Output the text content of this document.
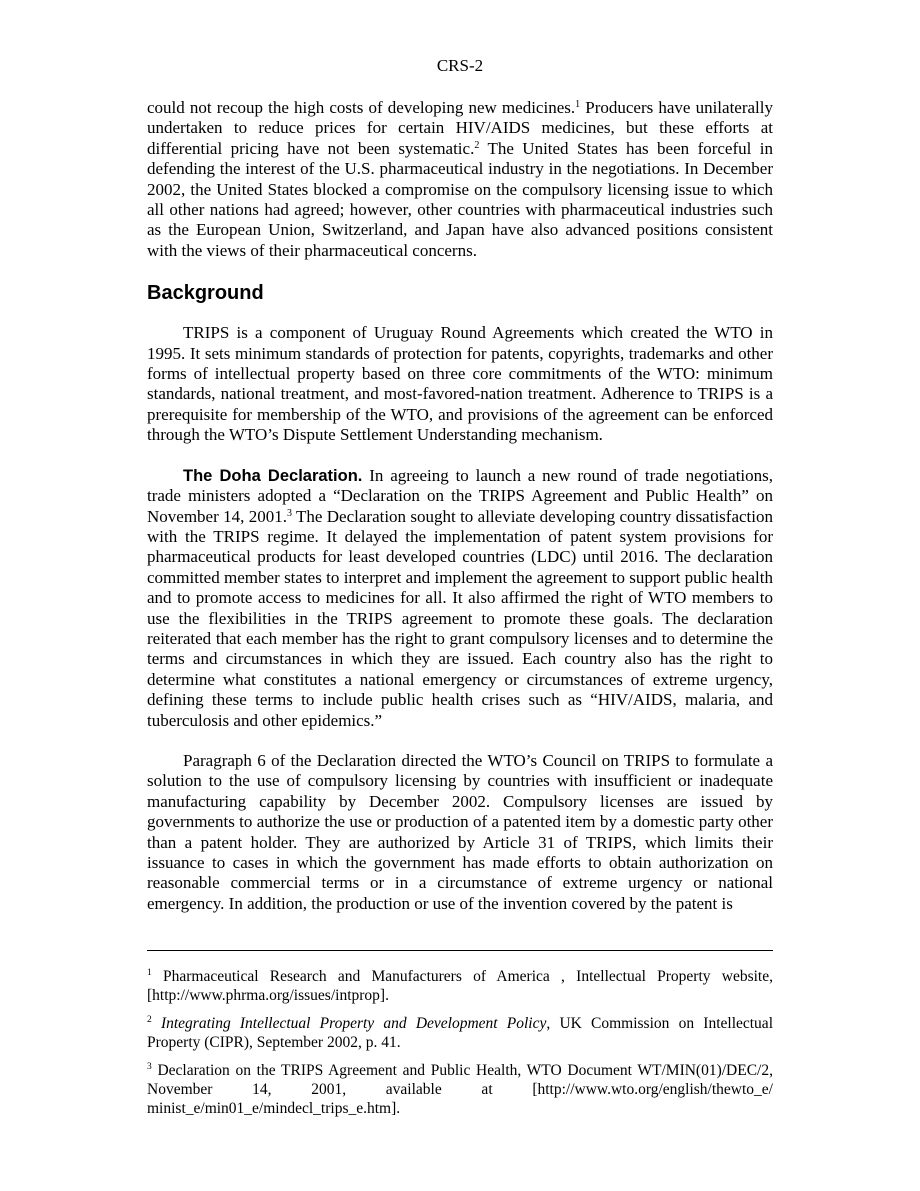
CRS-2

could not recoup the high costs of developing new medicines.$^1$ Producers have unilaterally undertaken to reduce prices for certain HIV/AIDS medicines, but these efforts at differential pricing have not been systematic.$^2$ The United States has been forceful in defending the interest of the U.S. pharmaceutical industry in the negotiations. In December 2002, the United States blocked a compromise on the compulsory licensing issue to which all other nations had agreed; however, other countries with pharmaceutical industries such as the European Union, Switzerland, and Japan have also advanced positions consistent with the views of their pharmaceutical concerns.

Background

TRIPS is a component of Uruguay Round Agreements which created the WTO in 1995. It sets minimum standards of protection for patents, copyrights, trademarks and other forms of intellectual property based on three core commitments of the WTO: minimum standards, national treatment, and most-favored-nation treatment. Adherence to TRIPS is a prerequisite for membership of the WTO, and provisions of the agreement can be enforced through the WTO’s Dispute Settlement Understanding mechanism.

The Doha Declaration. In agreeing to launch a new round of trade negotiations, trade ministers adopted a “Declaration on the TRIPS Agreement and Public Health” on November 14, 2001.$^3$ The Declaration sought to alleviate developing country dissatisfaction with the TRIPS regime. It delayed the implementation of patent system provisions for pharmaceutical products for least developed countries (LDC) until 2016. The declaration committed member states to interpret and implement the agreement to support public health and to promote access to medicines for all. It also affirmed the right of WTO members to use the flexibilities in the TRIPS agreement to promote these goals. The declaration reiterated that each member has the right to grant compulsory licenses and to determine the terms and circumstances in which they are issued. Each country also has the right to determine what constitutes a national emergency or circumstances of extreme urgency, defining these terms to include public health crises such as “HIV/AIDS, malaria, and tuberculosis and other epidemics.”

Paragraph 6 of the Declaration directed the WTO’s Council on TRIPS to formulate a solution to the use of compulsory licensing by countries with insufficient or inadequate manufacturing capability by December 2002. Compulsory licenses are issued by governments to authorize the use or production of a patented item by a domestic party other than a patent holder. They are authorized by Article 31 of TRIPS, which limits their issuance to cases in which the government has made efforts to obtain authorization on reasonable commercial terms or in a circumstance of extreme urgency or national emergency. In addition, the production or use of the invention covered by the patent is

$^1$ Pharmaceutical Research and Manufacturers of America , Intellectual Property website, [http://www.phrma.org/issues/intprop].

$^2$ Integrating Intellectual Property and Development Policy, UK Commission on Intellectual Property (CIPR), September 2002, p. 41.

$^3$ Declaration on the TRIPS Agreement and Public Health, WTO Document WT/MIN(01)/DEC/2, November 14, 2001, available at [http://www.wto.org/english/thewto_e/ minist_e/min01_e/mindecl_trips_e.htm].
